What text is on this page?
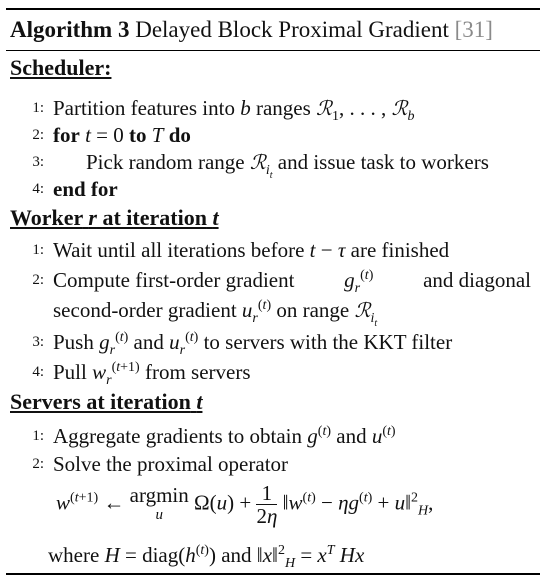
Algorithm 3 Delayed Block Proximal Gradient [31]
Scheduler:
1: Partition features into b ranges ℛ$_1$, . . . , ℛ$_b$
2: for t = 0 to T do
3: Pick random range ℛ$_{i_t}$ and issue task to workers
4: end for
Worker r at iteration t
1: Wait until all iterations before t − τ are finished
2: Compute first-order gradient $g_r^{(t)}$ and diagonal
second-order gradient $u_r^{(t)}$ on range ℛ$_{i_t}$
3: Push $g_r^{(t)}$ and $u_r^{(t)}$ to servers with the KKT filter
4: Pull $w_r^{(t+1)}$ from servers
Servers at iteration t
1: Aggregate gradients to obtain $g^{(t)}$ and $u^{(t)}$
2: Solve the proximal operator
$w^{(t+1)}$ ← argmin
u
$\Omega(u) + \frac{1}{2\eta}$ $‖w^{(t)} - \eta g^{(t)}$ + u‖$^2_H$,
where $H = diag(h^{(t)})$ and ‖x‖$^2_H$ = $x^T$ Hx
